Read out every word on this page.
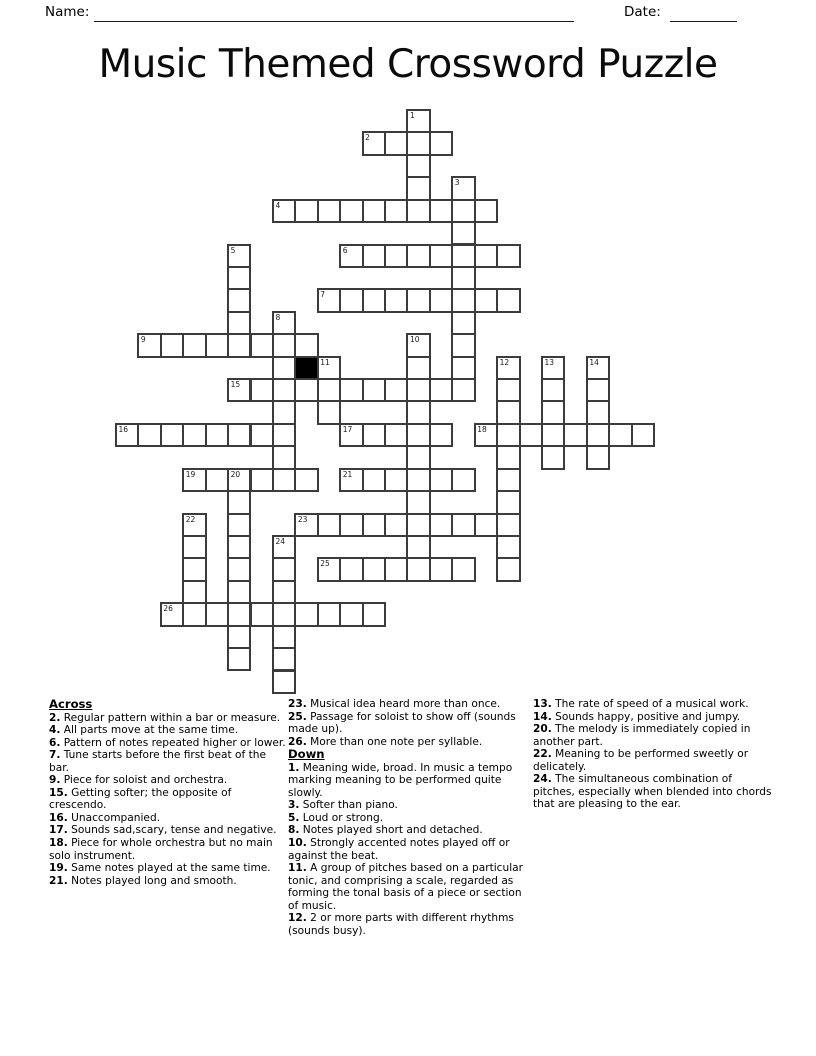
Name:	Date:
Music Themed Crossword Puzzle
1
2
3
4
5	6
7
8
9	10
11	12	13	14
15
16	17	18
19	20	21
22	23
24
25
26
Across
2. Regular pattern within a bar or measure.
4. All parts move at the same time.
6. Pattern of notes repeated higher or lower.
7. Tune starts before the first beat of the bar.
9. Piece for soloist and orchestra.
15. Getting softer; the opposite of crescendo.
16. Unaccompanied.
17. Sounds sad,scary, tense and negative.
18. Piece for whole orchestra but no main solo instrument.
19. Same notes played at the same time.
21. Notes played long and smooth.
23. Musical idea heard more than once.
25. Passage for soloist to show off (sounds made up).
26. More than one note per syllable.
Down
1. Meaning wide, broad. In music a tempo marking meaning to be performed quite slowly.
3. Softer than piano.
5. Loud or strong.
8. Notes played short and detached.
10. Strongly accented notes played off or against the beat.
11. A group of pitches based on a particular tonic, and comprising a scale, regarded as forming the tonal basis of a piece or section of music.
12. 2 or more parts with different rhythms (sounds busy).
13. The rate of speed of a musical work.
14. Sounds happy, positive and jumpy.
20. The melody is immediately copied in another part.
22. Meaning to be performed sweetly or delicately.
24. The simultaneous combination of pitches, especially when blended into chords that are pleasing to the ear.
